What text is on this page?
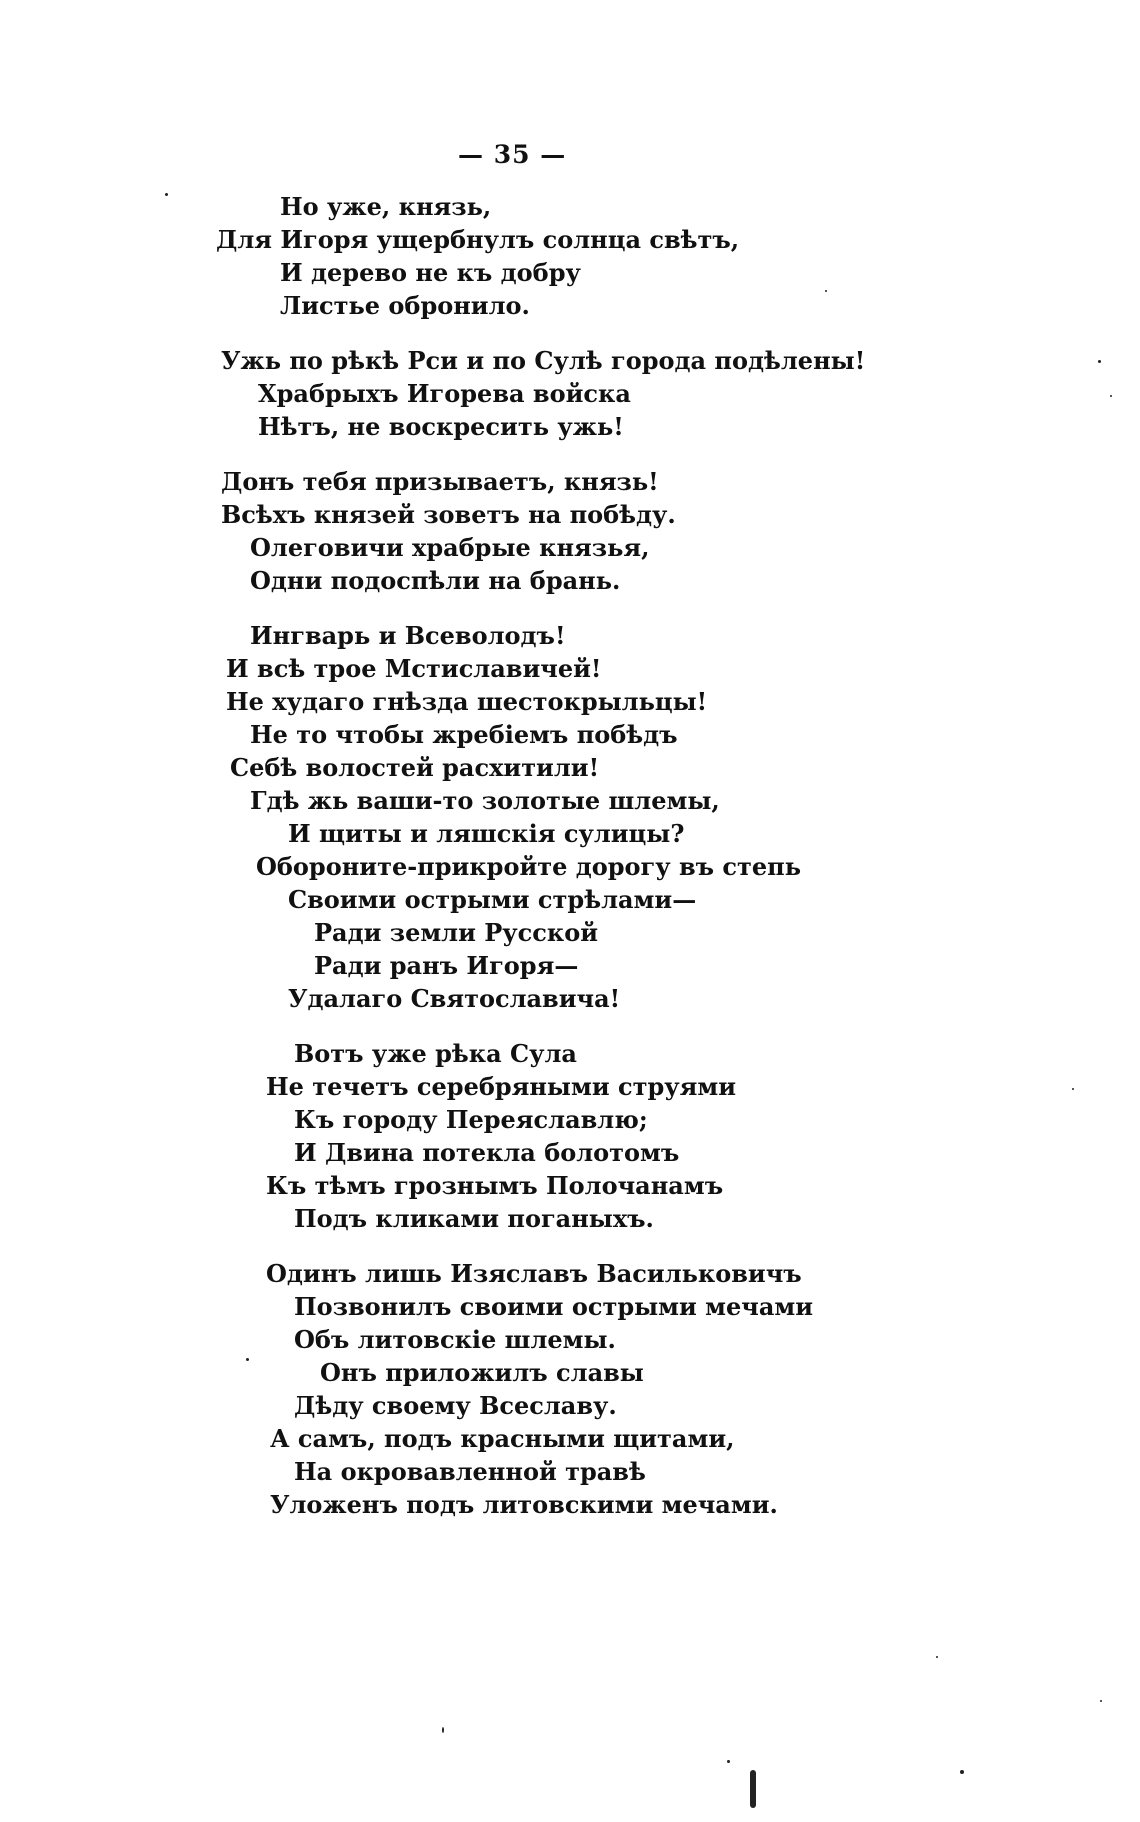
— 35 —
Но уже, князь,
Для Игоря ущербнулъ солнца свѣтъ,
И дерево не къ добру
Листье обронило.
Ужь по рѣкѣ Рси и по Сулѣ города подѣлены!
Храбрыхъ Игорева войска
Нѣтъ, не воскресить ужь!
Донъ тебя призываетъ, князь!
Всѣхъ князей зоветъ на побѣду.
Олеговичи храбрые князья,
Одни подоспѣли на брань.
Ингварь и Всеволодъ!
И всѣ трое Мстиславичей!
Не худаго гнѣзда шестокрыльцы!
Не то чтобы жребіемъ побѣдъ
Себѣ волостей расхитили!
Гдѣ жь ваши-то золотые шлемы,
И щиты и ляшскія сулицы?
Оборонитe-прикройте дорогу въ степь
Своими острыми стрѣлами—
Ради земли Русской
Ради ранъ Игоря—
Удалаго Святославича!
Вотъ уже рѣка Сула
Не течетъ серебряными струями
Къ городу Переяславлю;
И Двина потекла болотомъ
Къ тѣмъ грознымъ Полочанамъ
Подъ кликами поганыхъ.
Одинъ лишь Изяславъ Васильковичъ
Позвонилъ своими острыми мечами
Объ литовскіе шлемы.
Онъ приложилъ славы
Дѣду своему Всеславу.
А самъ, подъ красными щитами,
На окровавленной травѣ
Уложенъ подъ литовскими мечами.
